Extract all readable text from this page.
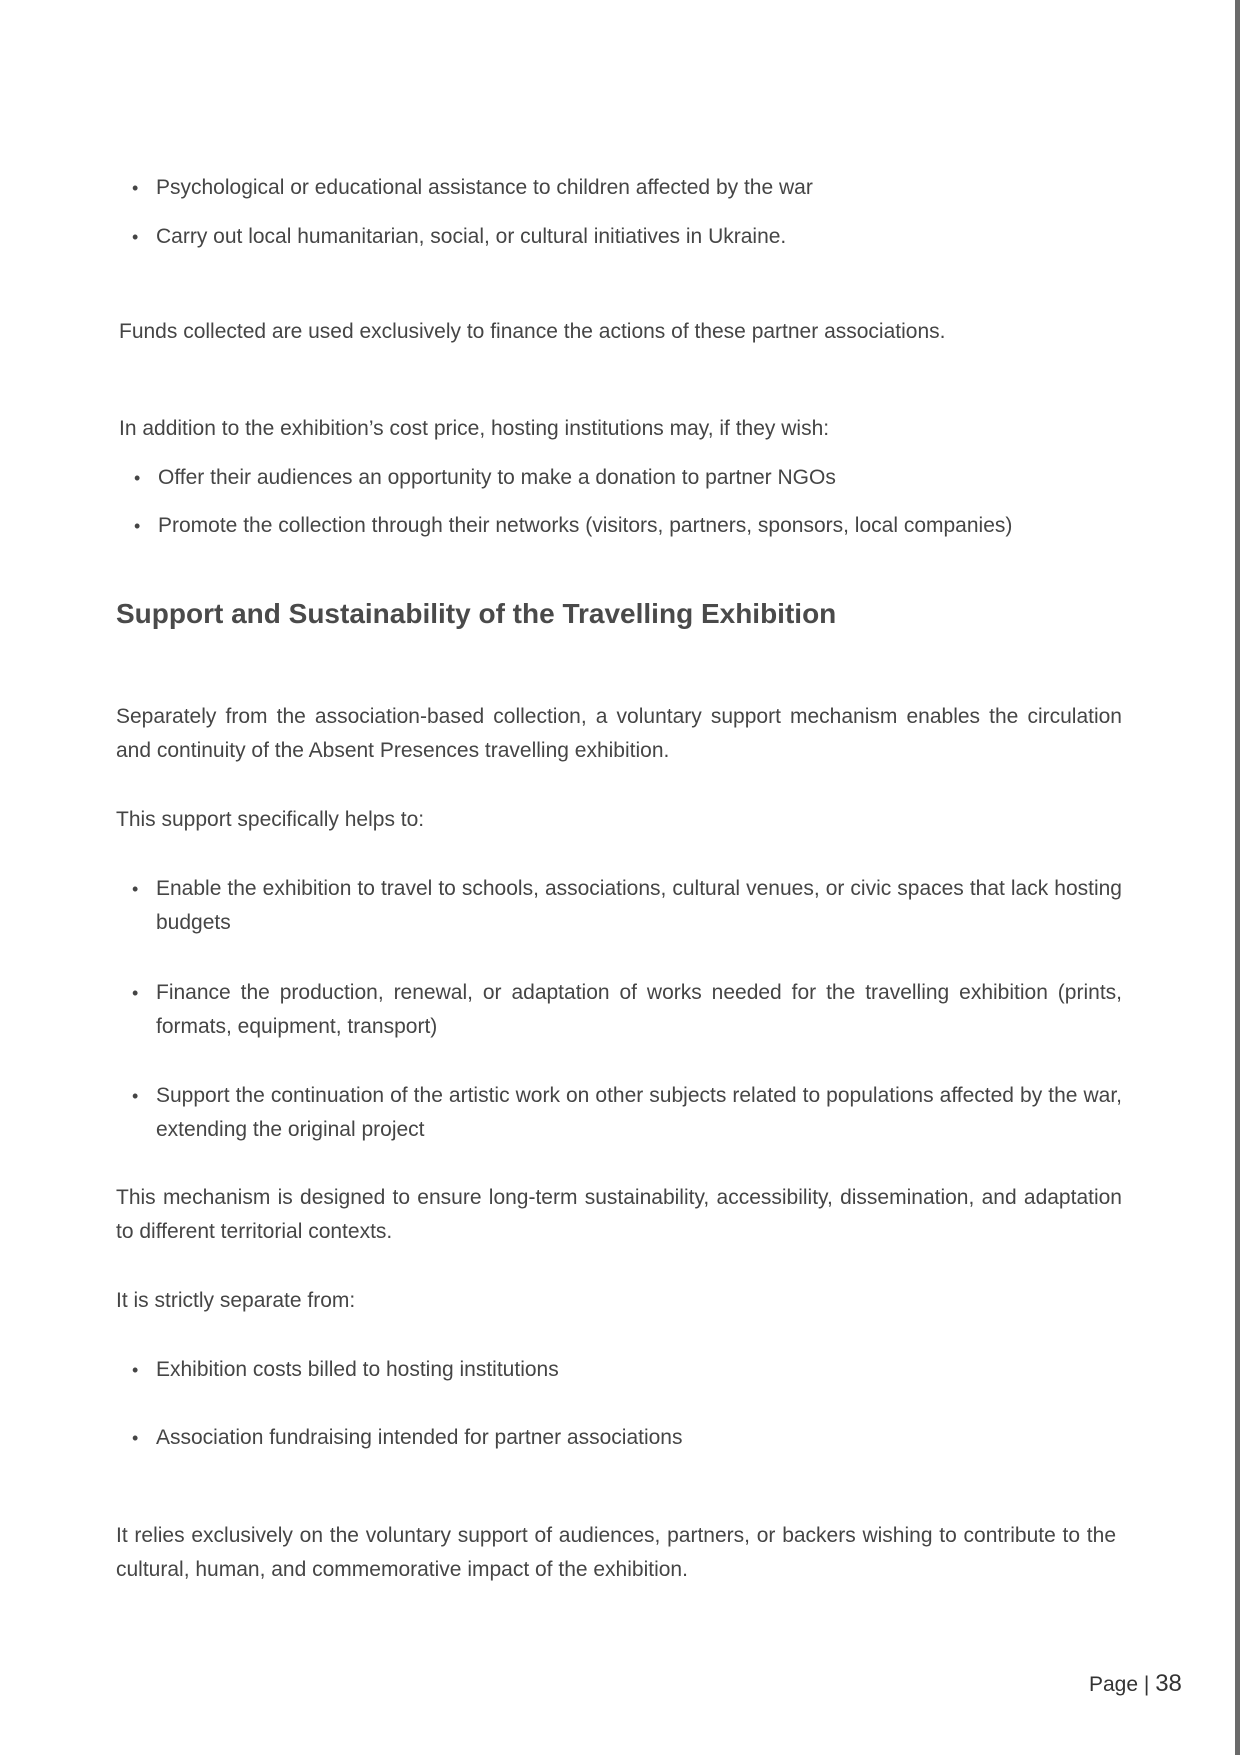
• Psychological or educational assistance to children affected by the war
• Carry out local humanitarian, social, or cultural initiatives in Ukraine.
Funds collected are used exclusively to finance the actions of these partner associations.
In addition to the exhibition’s cost price, hosting institutions may, if they wish:
• Offer their audiences an opportunity to make a donation to partner NGOs
• Promote the collection through their networks (visitors, partners, sponsors, local companies)
Support and Sustainability of the Travelling Exhibition
Separately from the association-based collection, a voluntary support mechanism enables the circulation and continuity of the Absent Presences travelling exhibition.
This support specifically helps to:
• Enable the exhibition to travel to schools, associations, cultural venues, or civic spaces that lack hosting budgets
• Finance the production, renewal, or adaptation of works needed for the travelling exhibition (prints, formats, equipment, transport)
• Support the continuation of the artistic work on other subjects related to populations affected by the war, extending the original project
This mechanism is designed to ensure long-term sustainability, accessibility, dissemination, and adaptation to different territorial contexts.
It is strictly separate from:
• Exhibition costs billed to hosting institutions
• Association fundraising intended for partner associations
It relies exclusively on the voluntary support of audiences, partners, or backers wishing to contribute to the cultural, human, and commemorative impact of the exhibition.
Page | 38
